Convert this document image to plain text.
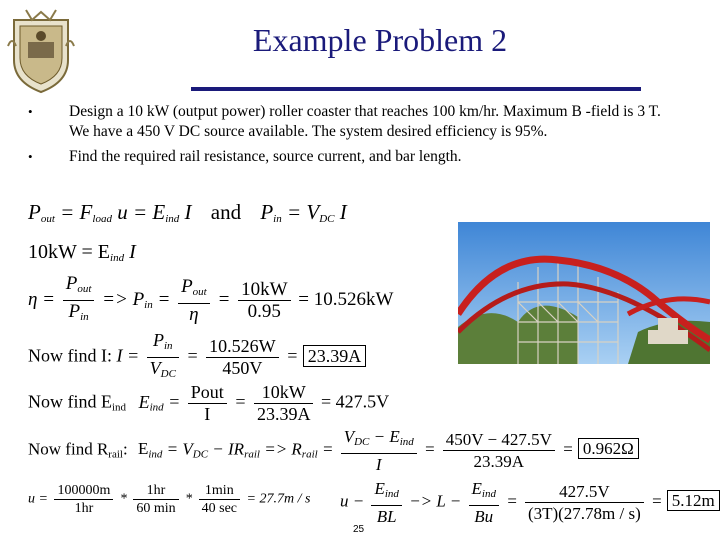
Example Problem 2
• Design a 10 kW (output power) roller coaster that reaches 100 km/hr. Maximum B -field is 3 T. We have a 450 V DC source available. The system desired efficiency is 95%.
• Find the required rail resistance, source current, and bar length.
$P_{out} = F_{load}$ $u = E_{ind}$ I and $P_{in} = V_{DC}$ I
$10kW = E_{ind}$ I
$\eta = \frac{P_{out}}{P_{in}} => P_{in} = \frac{P_{out}}{\eta} = \frac{10kW}{0.95} = 10.526kW$
Now find I: $I = \frac{P_{in}}{V_{DC}} = \frac{10.526W}{450V} = 23.39A$
Now find $E_{ind}$ $E_{ind} = \frac{\text{Pout}}{I} = \frac{10kW}{23.39A} = 427.5V$
Now find $R_{rail}$: $E_{ind} = V_{DC} - IR_{rail} => R_{rail} = \frac{V_{DC} - E_{ind}}{I} = \frac{450V - 427.5V}{23.39A} = 0.962\Omega$
$u = \frac{100000m}{1hr} * \frac{1hr}{60 \min} * \frac{1\min}{40 \sec} = 27.7m / s$ $u - \frac{E_{ind}}{BL} -> L - \frac{E_{ind}}{Bu} = \frac{427.5V}{(3T)(27.78m / s)} = 5.12m$
25
